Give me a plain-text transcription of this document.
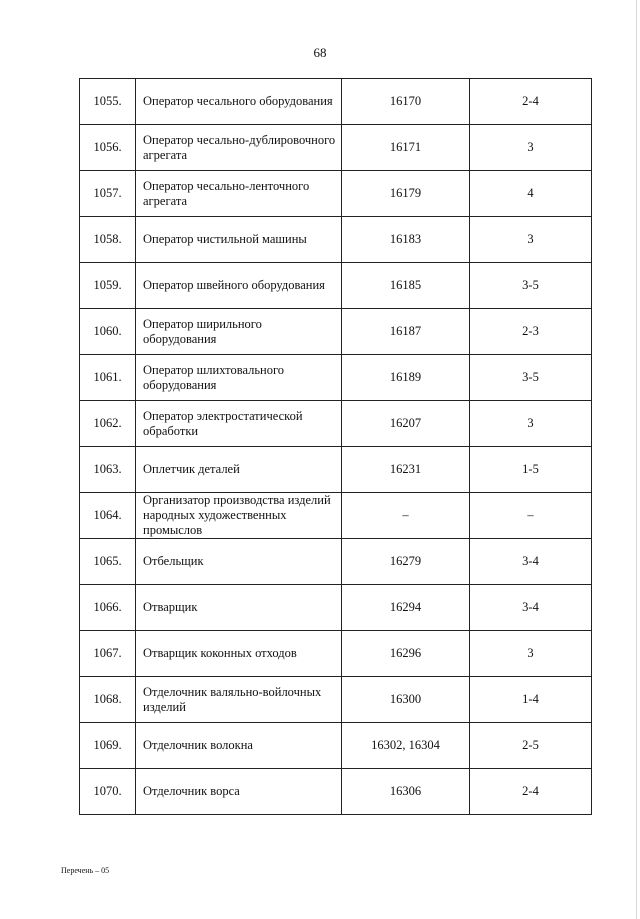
68
1055.	Оператор чесального оборудования	16170	2-4
1056.	Оператор чесально-дублировочного агрегата	16171	3
1057.	Оператор чесально-ленточного агрегата	16179	4
1058.	Оператор чистильной машины	16183	3
1059.	Оператор швейного оборудования	16185	3-5
1060.	Оператор ширильного оборудования	16187	2-3
1061.	Оператор шлихтовального оборудования	16189	3-5
1062.	Оператор электростатической обработки	16207	3
1063.	Оплетчик деталей	16231	1-5
1064.	Организатор производства изделий народных художественных промыслов	–	–
1065.	Отбельщик	16279	3-4
1066.	Отварщик	16294	3-4
1067.	Отварщик коконных отходов	16296	3
1068.	Отделочник валяльно-войлочных изделий	16300	1-4
1069.	Отделочник волокна	16302, 16304	2-5
1070.	Отделочник ворса	16306	2-4
Перечень – 05
